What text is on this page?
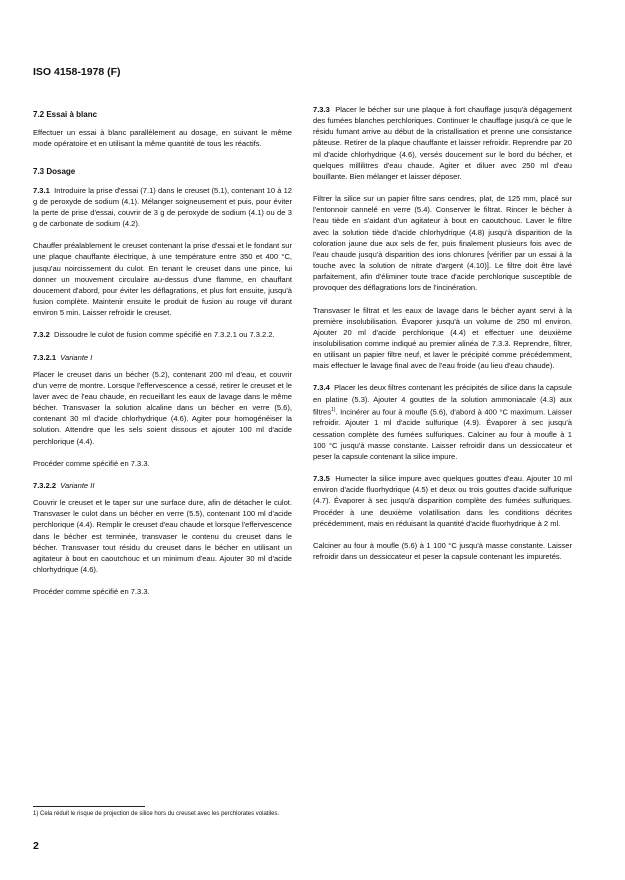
ISO 4158-1978 (F)
7.2 Essai à blanc

Effectuer un essai à blanc parallèlement au dosage, en suivant le même mode opératoire et en utilisant la même quantité de tous les réactifs.

7.3 Dosage

7.3.1 Introduire la prise d'essai (7.1) dans le creuset (5.1), contenant 10 à 12 g de peroxyde de sodium (4.1). Mélanger soigneusement et puis, pour éviter la perte de prise d'essai, couvrir de 3 g de peroxyde de sodium (4.1) ou de 3 g de carbonate de sodium (4.2).

Chauffer préalablement le creuset contenant la prise d'essai et le fondant sur une plaque chauffante électrique, à une température entre 350 et 400 °C, jusqu'au noircissement du culot. En tenant le creuset dans une pince, lui donner un mouvement circulaire au-dessus d'une flamme, en chauffant doucement d'abord, pour éviter les déflagrations, et plus fort ensuite, jusqu'à fusion complète. Maintenir ensuite le produit de fusion au rouge vif durant environ 5 min. Laisser refroidir le creuset.

7.3.2 Dissoudre le culot de fusion comme spécifié en 7.3.2.1 ou 7.3.2.2.

7.3.2.1 Variante I

Placer le creuset dans un bécher (5.2), contenant 200 ml d'eau, et couvrir d'un verre de montre. Lorsque l'effervescence a cessé, retirer le creuset et le laver avec de l'eau chaude, en recueillant les eaux de lavage dans le même bécher. Transvaser la solution alcaline dans un bécher en verre (5.6), contenant 30 ml d'acide chlorhydrique (4.6). Agiter pour homogénéiser la solution. Attendre que les sels soient dissous et ajouter 100 ml d'acide perchlorique (4.4).

Procéder comme spécifié en 7.3.3.

7.3.2.2 Variante II

Couvrir le creuset et le taper sur une surface dure, afin de détacher le culot. Transvaser le culot dans un bécher en verre (5.5), contenant 100 ml d'acide perchlorique (4.4). Remplir le creuset d'eau chaude et lorsque l'effervescence dans le bécher est terminée, transvaser le contenu du creuset dans le bécher. Transvaser tout résidu du creuset dans le bécher en utilisant un agitateur à bout en caoutchouc et un minimum d'eau. Ajouter 30 ml d'acide chlorhydrique (4.6).

Procéder comme spécifié en 7.3.3.

7.3.3 Placer le bécher sur une plaque à fort chauffage jusqu'à dégagement des fumées blanches perchloriques. Continuer le chauffage jusqu'à ce que le résidu fumant arrive au début de la cristallisation et prenne une consistance pâteuse. Retirer de la plaque chauffante et laisser refroidir. Reprendre par 20 ml d'acide chlorhydrique (4.6), versés doucement sur le bord du bécher, et quelques millilitres d'eau chaude. Agiter et diluer avec 250 ml d'eau bouillante. Bien mélanger et laisser déposer.

Filtrer la silice sur un papier filtre sans cendres, plat, de 125 mm, placé sur l'entonnoir cannelé en verre (5.4). Conserver le filtrat. Rincer le bécher à l'eau tiède en s'aidant d'un agitateur à bout en caoutchouc. Laver le filtre avec la solution tiède d'acide chlorhydrique (4.8) jusqu'à disparition de la coloration jaune due aux sels de fer, puis finalement plusieurs fois avec de l'eau chaude jusqu'à disparition des ions chlorures [vérifier par un essai à la touche avec la solution de nitrate d'argent (4.10)]. Le filtre doit être lavé parfaitement, afin d'éliminer toute trace d'acide perchlorique susceptible de provoquer des déflagrations lors de l'incinération.

Transvaser le filtrat et les eaux de lavage dans le bécher ayant servi à la première insolubilisation. Évaporer jusqu'à un volume de 250 ml environ. Ajouter 20 ml d'acide perchlorique (4.4) et effectuer une deuxième insolubilisation comme indiqué au premier alinéa de 7.3.3. Reprendre, filtrer, en utilisant un papier filtre neuf, et laver le précipité comme précédemment, mais effectuer le lavage final avec de l'eau froide (au lieu d'eau chaude).

7.3.4 Placer les deux filtres contenant les précipités de silice dans la capsule en platine (5.3). Ajouter 4 gouttes de la solution ammoniacale (4.3) aux filtres$^{1)}$. Incinérer au four à moufle (5.6), d'abord à 400 °C maximum. Laisser refroidir. Ajouter 1 ml d'acide sulfurique (4.9). Évaporer à sec jusqu'à cessation complète des fumées sulfuriques. Calciner au four à moufle à 1 100 °C jusqu'à masse constante. Laisser refroidir dans un dessiccateur et peser la capsule contenant la silice impure.

7.3.5 Humecter la silice impure avec quelques gouttes d'eau. Ajouter 10 ml environ d'acide fluorhydrique (4.5) et deux ou trois gouttes d'acide sulfurique (4.7). Évaporer à sec jusqu'à disparition complète des fumées sulfuriques. Procéder à une deuxième volatilisation dans les conditions décrites précédemment, mais en réduisant la quantité d'acide fluorhydrique à 2 ml.

Calciner au four à moufle (5.6) à 1 100 °C jusqu'à masse constante. Laisser refroidir dans un dessiccateur et peser la capsule contenant les impuretés.

1) Cela réduit le risque de projection de silice hors du creuset avec les perchlorates volatiles.
2
